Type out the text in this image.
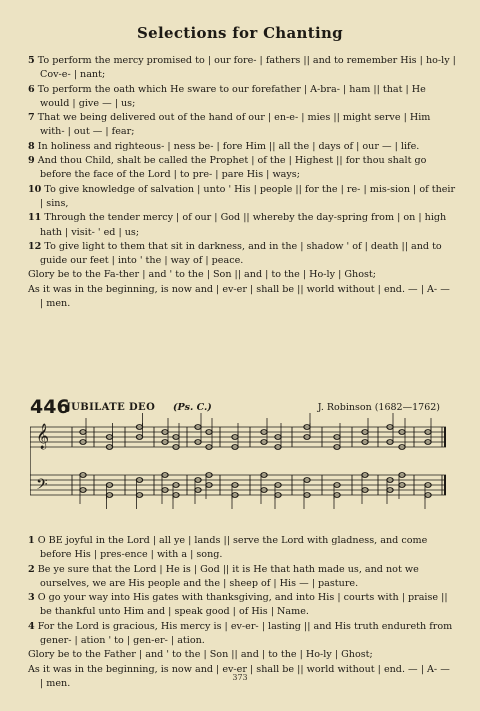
Selections for Chanting

5 To perform the mercy promised to | our fore- | fathers || and to remember His | ho-ly | Cov-e- | nant;

6 To perform the oath which He sware to our forefather | A-bra- | ham || that | He would | give — | us;

7 That we being delivered out of the hand of our | en-e- | mies || might serve | Him with- | out — | fear;

8 In holiness and righteous- | ness be- | fore Him || all the | days of | our — | life.

9 And thou Child, shalt be called the Prophet | of the | Highest || for thou shalt go before the face of the Lord | to pre- | pare His | ways;

10 To give knowledge of salvation | unto ' His | people || for the | re- | mis-sion | of their | sins,

11 Through the tender mercy | of our | God || whereby the day-spring from | on | high hath | visit- ' ed | us;

12 To give light to them that sit in darkness, and in the | shadow ' of | death || and to guide our feet | into ' the | way of | peace.

Glory be to the Fa-ther | and ' to the | Son || and | to the | Ho-ly | Ghost;

As it was in the beginning, is now and | ev-er | shall be || world without | end. — | A- — | men.

446
JUBILATE DEO (Ps. C.)	J. Robinson (1682—1762)
𝄞
𝄢

1 O BE joyful in the Lord | all ye | lands || serve the Lord with gladness, and come before His | pres-ence | with a | song.

2 Be ye sure that the Lord | He is | God || it is He that hath made us, and not we ourselves, we are His people and the | sheep of | His — | pasture.

3 O go your way into His gates with thanksgiving, and into His | courts with | praise || be thankful unto Him and | speak good | of His | Name.

4 For the Lord is gracious, His mercy is | ev-er- | lasting || and His truth endureth from gener- | ation ' to | gen-er- | ation.

Glory be to the Father | and ' to the | Son || and | to the | Ho-ly | Ghost;

As it was in the beginning, is now and | ev-er | shall be || world without | end. — | A- — | men.

373
